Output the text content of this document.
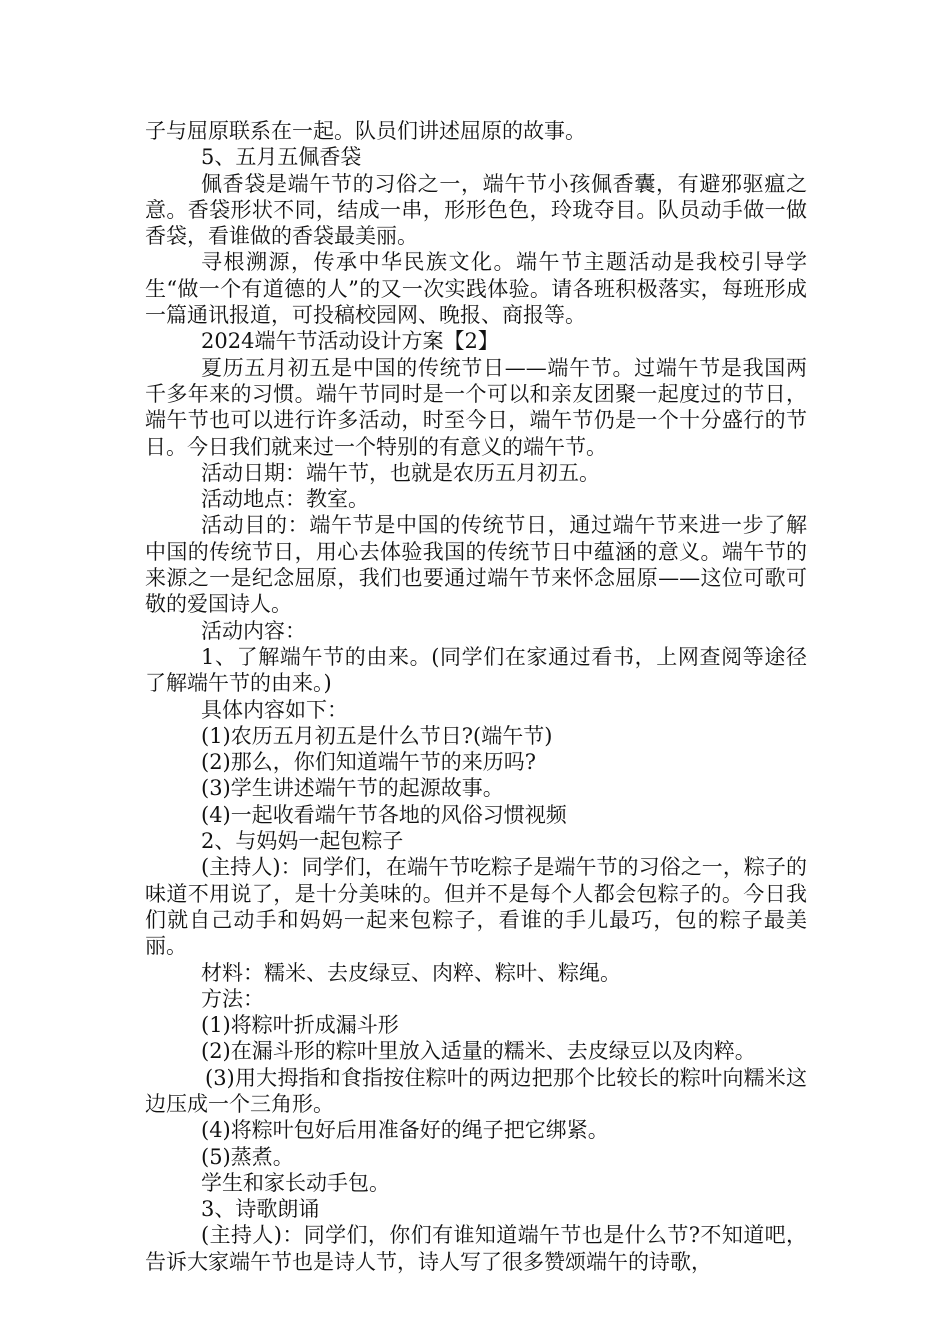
子与屈原联系在一起。队员们讲述屈原的故事。

5、五月五佩香袋

佩香袋是端午节的习俗之一，端午节小孩佩香囊，有避邪驱瘟之意。香袋形状不同，结成一串，形形色色，玲珑夺目。队员动手做一做香袋，看谁做的香袋最美丽。

寻根溯源，传承中华民族文化。端午节主题活动是我校引导学生“做一个有道德的人”的又一次实践体验。请各班积极落实，每班形成一篇通讯报道，可投稿校园网、晚报、商报等。

2024端午节活动设计方案【2】

夏历五月初五是中国的传统节日——端午节。过端午节是我国两千多年来的习惯。端午节同时是一个可以和亲友团聚一起度过的节日，端午节也可以进行许多活动，时至今日，端午节仍是一个十分盛行的节日。今日我们就来过一个特别的有意义的端午节。

活动日期：端午节，也就是农历五月初五。

活动地点：教室。

活动目的：端午节是中国的传统节日，通过端午节来进一步了解中国的传统节日，用心去体验我国的传统节日中蕴涵的意义。端午节的来源之一是纪念屈原，我们也要通过端午节来怀念屈原——这位可歌可敬的爱国诗人。

活动内容：

1、了解端午节的由来。(同学们在家通过看书，上网查阅等途径了解端午节的由来。)

具体内容如下：

(1)农历五月初五是什么节日?(端午节)

(2)那么，你们知道端午节的来历吗?

(3)学生讲述端午节的起源故事。

(4)一起收看端午节各地的风俗习惯视频

2、与妈妈一起包粽子

(主持人)：同学们，在端午节吃粽子是端午节的习俗之一，粽子的味道不用说了，是十分美味的。但并不是每个人都会包粽子的。今日我们就自己动手和妈妈一起来包粽子，看谁的手儿最巧，包的粽子最美丽。

材料：糯米、去皮绿豆、肉粹、粽叶、粽绳。

方法：

(1)将粽叶折成漏斗形

(2)在漏斗形的粽叶里放入适量的糯米、去皮绿豆以及肉粹。

(3)用大拇指和食指按住粽叶的两边把那个比较长的粽叶向糯米这边压成一个三角形。

(4)将粽叶包好后用准备好的绳子把它绑紧。

(5)蒸煮。

学生和家长动手包。

3、诗歌朗诵

(主持人)：同学们，你们有谁知道端午节也是什么节?不知道吧，告诉大家端午节也是诗人节，诗人写了很多赞颂端午的诗歌，
